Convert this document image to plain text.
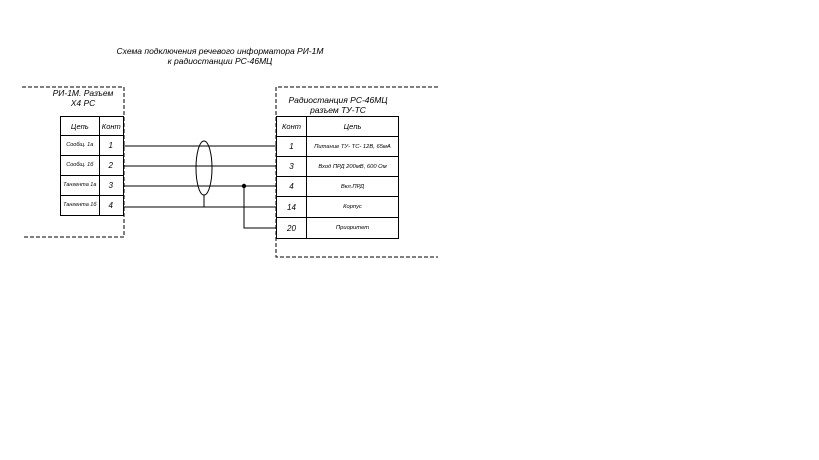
Схема подключения речевого информатора РИ-1М
к радиостанции РС-46МЦ
РИ-1М. Разъем
Х4 РС
Цепь	Конт
Сообщ. 1а	1
Сообщ. 1б	2
Тангента 1а	3
Тангента 1б	4
Радиостанция РС-46МЦ
разъем ТУ-ТС
Конт	Цепь
1	Питание ТУ- ТС- 12В, 65мА
3	Вход ПРД 200мВ, 600 Ом
4	Вкл.ПРД
14	Корпус
20	Приоритет
